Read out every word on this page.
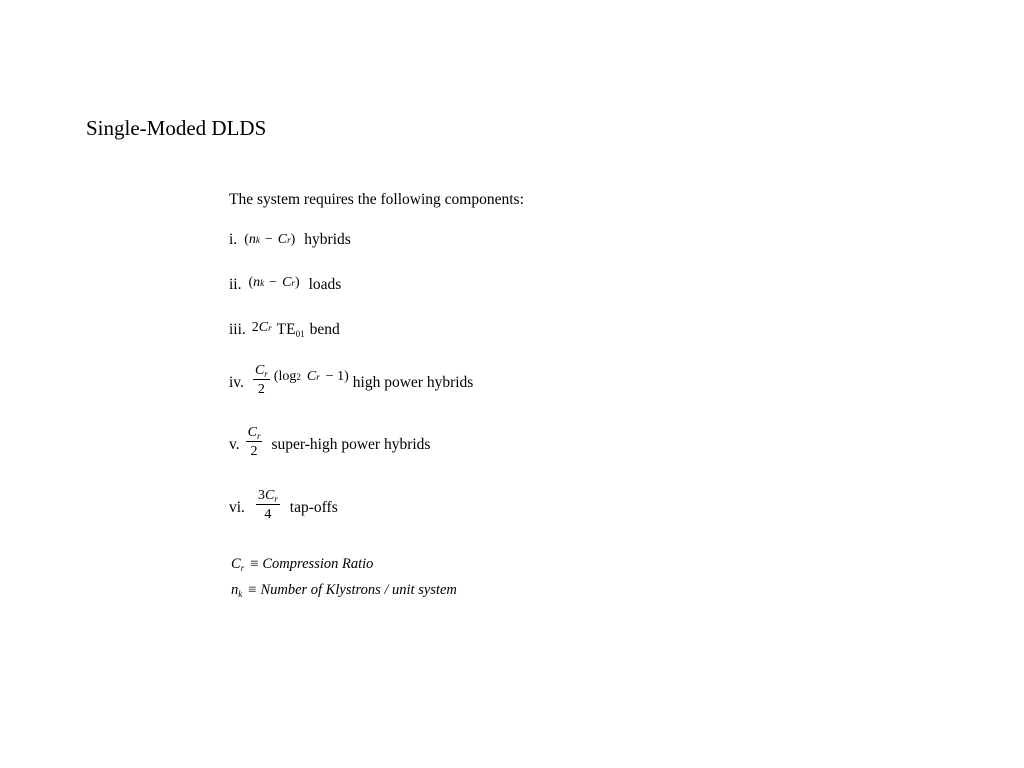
Single-Moded DLDS
The system requires the following components:
i. ( n k − C r ) hybrids
ii. ( n k − C r ) loads
iii. 2 C r $TE_{01}$ bend
iv. $\frac{C_r}{2} (\log$ 2 C r − 1) high power hybrids
v. $\frac{C_r}{2}$ super-high power hybrids
vi. $\frac{3C_r}{4}$ tap-offs
$C_r$ ≡ Compression Ratio
$n_k$ ≡ Number of Klystrons / unit system
